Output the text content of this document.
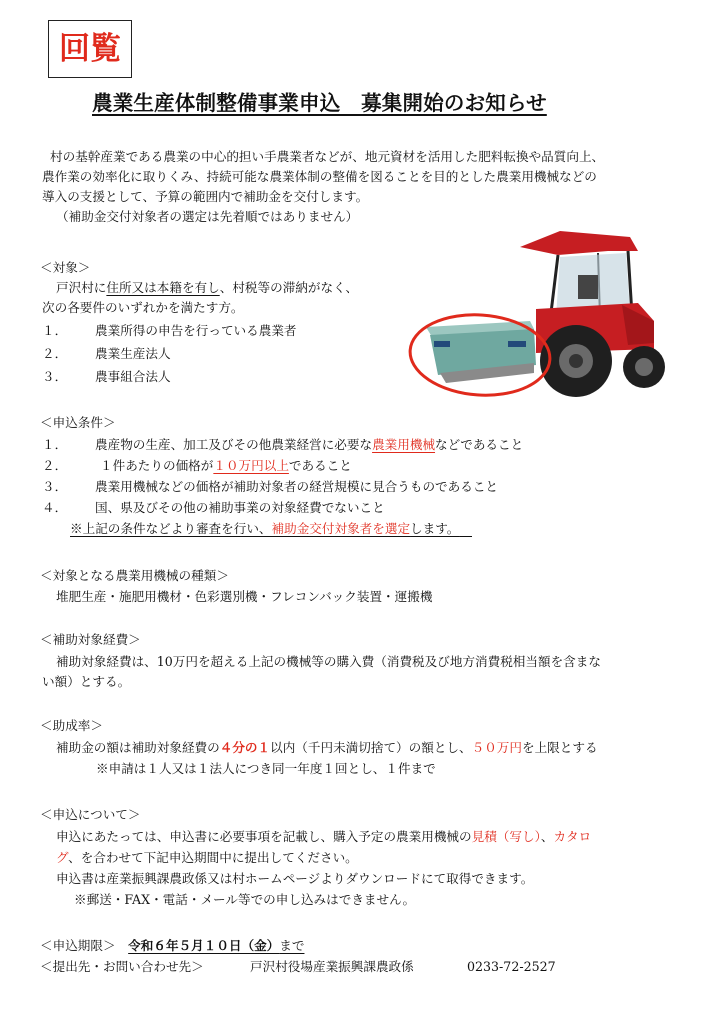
回覧
農業生産体制整備事業申込　募集開始のお知らせ
村の基幹産業である農業の中心的担い手農業者などが、地元資材を活用した肥料転換や品質向上、
農作業の効率化に取りくみ、持続可能な農業体制の整備を図ることを目的とした農業用機械などの
導入の支援として、予算の範囲内で補助金を交付します。
（補助金交付対象者の選定は先着順ではありません）
＜対象＞
戸沢村に住所又は本籍を有し、村税等の滞納がなく、
次の各要件のいずれかを満たす方。
１． 農業所得の申告を行っている農業者
２． 農業生産法人
３． 農事組合法人
＜申込条件＞
１． 農産物の生産、加工及びその他農業経営に必要な農業用機械などであること
２．	１件あたりの価格が１０万円以上であること
３． 農業用機械などの価格が補助対象者の経営規模に見合うものであること
４． 国、県及びその他の補助事業の対象経費でないこと
※上記の条件などより審査を行い、補助金交付対象者を選定します。 
＜対象となる農業用機械の種類＞
堆肥生産・施肥用機材・色彩選別機・フレコンバック装置・運搬機
＜補助対象経費＞
補助対象経費は、10万円を超える上記の機械等の購入費（消費税及び地方消費税相当額を含まな
い額）とする。
＜助成率＞
補助金の額は補助対象経費の４分の１以内（千円未満切捨て）の額とし、５０万円を上限とする
※申請は１人又は１法人につき同一年度１回とし、１件まで
＜申込について＞
申込にあたっては、申込書に必要事項を記載し、購入予定の農業用機械の見積（写し）、カタロ
グ、を合わせて下記申込期間中に提出してください。
申込書は産業振興課農政係又は村ホームページよりダウンロードにて取得できます。
※郵送・FAX・電話・メール等での申し込みはできません。
＜申込期限＞  令和６年５月１０日（金）まで
＜提出先・お問い合わせ先＞	戸沢村役場産業振興課農政係	0233-72-2527
